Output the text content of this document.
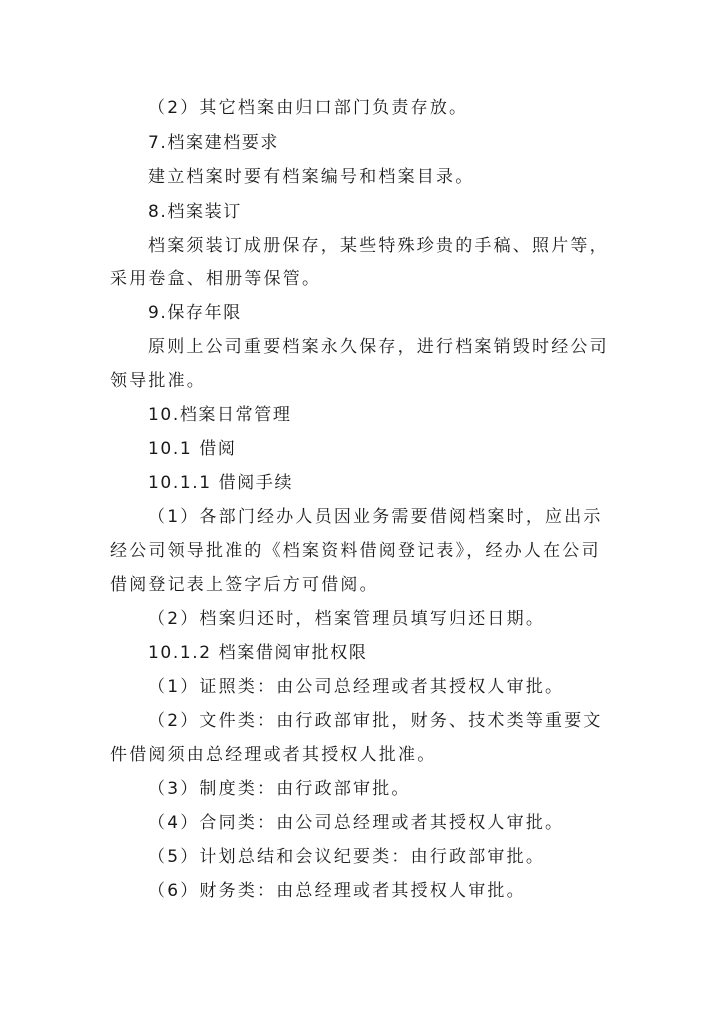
（2）其它档案由归口部门负责存放。
7.档案建档要求
建立档案时要有档案编号和档案目录。
8.档案装订
档案须装订成册保存，某些特殊珍贵的手稿、照片等，
采用卷盒、相册等保管。
9.保存年限
原则上公司重要档案永久保存，进行档案销毁时经公司
领导批准。
10.档案日常管理
10.1 借阅
10.1.1 借阅手续
（1）各部门经办人员因业务需要借阅档案时，应出示
经公司领导批准的《档案资料借阅登记表》，经办人在公司
借阅登记表上签字后方可借阅。
（2）档案归还时，档案管理员填写归还日期。
10.1.2 档案借阅审批权限
（1）证照类：由公司总经理或者其授权人审批。
（2）文件类：由行政部审批，财务、技术类等重要文
件借阅须由总经理或者其授权人批准。
（3）制度类：由行政部审批。
（4）合同类：由公司总经理或者其授权人审批。
（5）计划总结和会议纪要类：由行政部审批。
（6）财务类：由总经理或者其授权人审批。
